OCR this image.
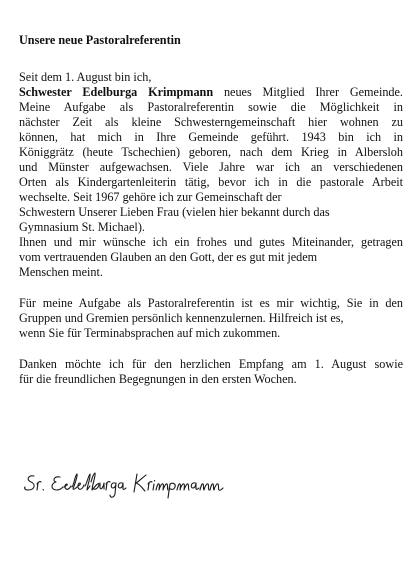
Unsere neue Pastoralreferentin
Seit dem 1. August bin ich,
Schwester Edelburga Krimpmann neues Mitglied Ihrer Gemeinde.
Meine Aufgabe als Pastoralreferentin sowie die Möglichkeit in
nächster Zeit als kleine Schwesterngemeinschaft hier wohnen zu
können, hat mich in Ihre Gemeinde geführt. 1943 bin ich in
Königgrätz (heute Tschechien) geboren, nach dem Krieg in Albersloh
und Münster aufgewachsen. Viele Jahre war ich an verschiedenen
Orten als Kindergartenleiterin tätig, bevor ich in die pastorale Arbeit
wechselte. Seit 1967 gehöre ich zur Gemeinschaft der
Schwestern Unserer Lieben Frau (vielen hier bekannt durch das
Gymnasium St. Michael).
Ihnen und mir wünsche ich ein frohes und gutes Miteinander, getragen
vom vertrauenden Glauben an den Gott, der es gut mit jedem
Menschen meint.
Für meine Aufgabe als Pastoralreferentin ist es mir wichtig, Sie in den
Gruppen und Gremien persönlich kennenzulernen. Hilfreich ist es,
wenn Sie für Terminabsprachen auf mich zukommen.
Danken möchte ich für den herzlichen Empfang am 1. August sowie
für die freundlichen Begegnungen in den ersten Wochen.
